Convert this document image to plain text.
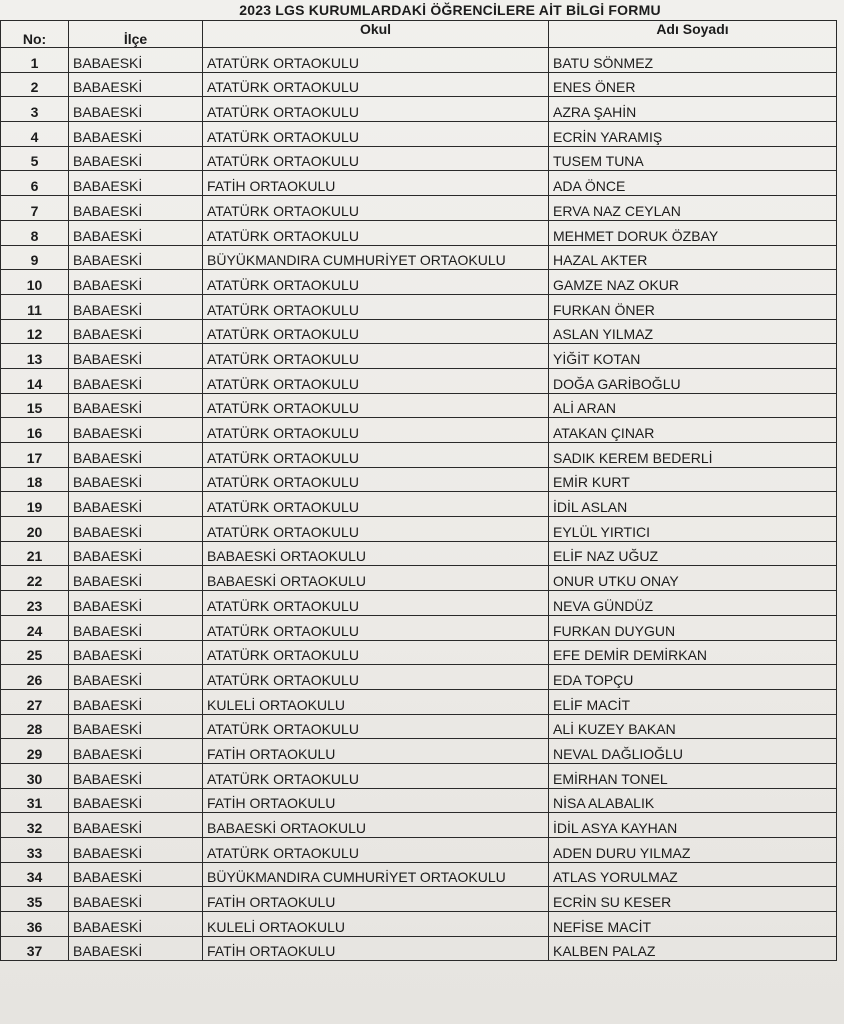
2023 LGS KURUMLARDAKİ ÖĞRENCİLERE AİT BİLGİ FORMU
No:	İlçe	Okul	Adı Soyadı
1	BABAESKİ	ATATÜRK ORTAOKULU	BATU SÖNMEZ
2	BABAESKİ	ATATÜRK ORTAOKULU	ENES ÖNER
3	BABAESKİ	ATATÜRK ORTAOKULU	AZRA ŞAHİN
4	BABAESKİ	ATATÜRK ORTAOKULU	ECRİN YARAMIŞ
5	BABAESKİ	ATATÜRK ORTAOKULU	TUSEM TUNA
6	BABAESKİ	FATİH ORTAOKULU	ADA ÖNCE
7	BABAESKİ	ATATÜRK ORTAOKULU	ERVA NAZ CEYLAN
8	BABAESKİ	ATATÜRK ORTAOKULU	MEHMET DORUK ÖZBAY
9	BABAESKİ	BÜYÜKMANDIRA CUMHURİYET ORTAOKULU	HAZAL AKTER
10	BABAESKİ	ATATÜRK ORTAOKULU	GAMZE NAZ OKUR
11	BABAESKİ	ATATÜRK ORTAOKULU	FURKAN ÖNER
12	BABAESKİ	ATATÜRK ORTAOKULU	ASLAN YILMAZ
13	BABAESKİ	ATATÜRK ORTAOKULU	YİĞİT KOTAN
14	BABAESKİ	ATATÜRK ORTAOKULU	DOĞA GARİBOĞLU
15	BABAESKİ	ATATÜRK ORTAOKULU	ALİ ARAN
16	BABAESKİ	ATATÜRK ORTAOKULU	ATAKAN ÇINAR
17	BABAESKİ	ATATÜRK ORTAOKULU	SADIK KEREM BEDERLİ
18	BABAESKİ	ATATÜRK ORTAOKULU	EMİR KURT
19	BABAESKİ	ATATÜRK ORTAOKULU	İDİL ASLAN
20	BABAESKİ	ATATÜRK ORTAOKULU	EYLÜL YIRTICI
21	BABAESKİ	BABAESKİ ORTAOKULU	ELİF NAZ UĞUZ
22	BABAESKİ	BABAESKİ ORTAOKULU	ONUR UTKU ONAY
23	BABAESKİ	ATATÜRK ORTAOKULU	NEVA GÜNDÜZ
24	BABAESKİ	ATATÜRK ORTAOKULU	FURKAN DUYGUN
25	BABAESKİ	ATATÜRK ORTAOKULU	EFE DEMİR DEMİRKAN
26	BABAESKİ	ATATÜRK ORTAOKULU	EDA TOPÇU
27	BABAESKİ	KULELİ ORTAOKULU	ELİF MACİT
28	BABAESKİ	ATATÜRK ORTAOKULU	ALİ KUZEY BAKAN
29	BABAESKİ	FATİH ORTAOKULU	NEVAL DAĞLIOĞLU
30	BABAESKİ	ATATÜRK ORTAOKULU	EMİRHAN TONEL
31	BABAESKİ	FATİH ORTAOKULU	NİSA ALABALIK
32	BABAESKİ	BABAESKİ ORTAOKULU	İDİL ASYA KAYHAN
33	BABAESKİ	ATATÜRK ORTAOKULU	ADEN DURU YILMAZ
34	BABAESKİ	BÜYÜKMANDIRA CUMHURİYET ORTAOKULU	ATLAS YORULMAZ
35	BABAESKİ	FATİH ORTAOKULU	ECRİN SU KESER
36	BABAESKİ	KULELİ ORTAOKULU	NEFİSE MACİT
37	BABAESKİ	FATİH ORTAOKULU	KALBEN PALAZ
